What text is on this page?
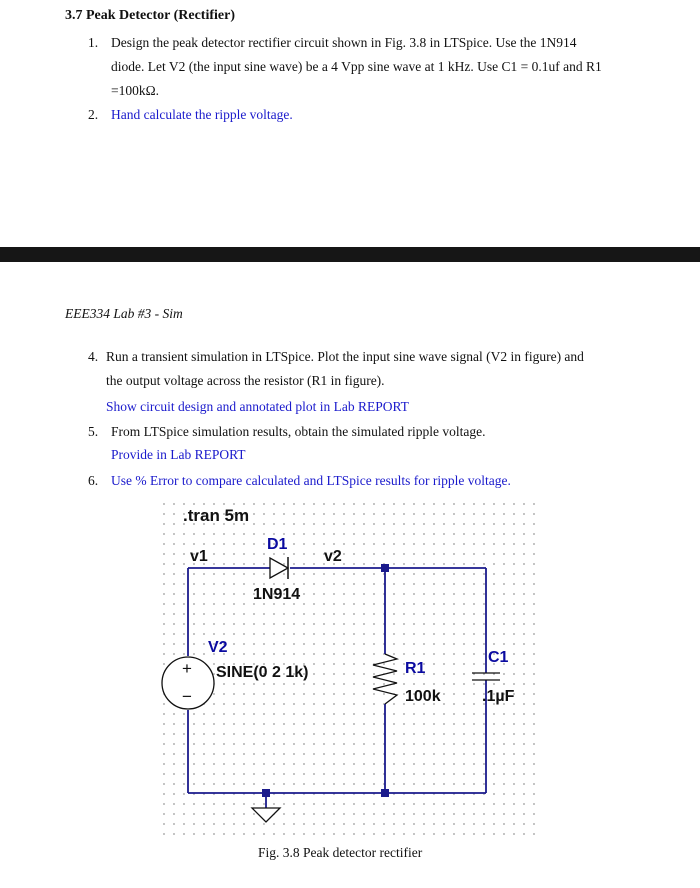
3.7 Peak Detector (Rectifier)
1. Design the peak detector rectifier circuit shown in Fig. 3.8 in LTSpice. Use the 1N914
diode. Let V2 (the input sine wave) be a 4 Vpp sine wave at 1 kHz. Use C1 = 0.1uf and R1
=100kΩ.
2. Hand calculate the ripple voltage.
EEE334 Lab #3 - Sim
4. Run a transient simulation in LTSpice. Plot the input sine wave signal (V2 in figure) and
the output voltage across the resistor (R1 in figure).
Show circuit design and annotated plot in Lab REPORT
5. From LTSpice simulation results, obtain the simulated ripple voltage.
Provide in Lab REPORT
6. Use % Error to compare calculated and LTSpice results for ripple voltage.
+
−
.tran 5m
D1
v1	v2
1N914
V2
SINE(0 2 1k)	R1
100k
C1
.1µF
Fig. 3.8 Peak detector rectifier
